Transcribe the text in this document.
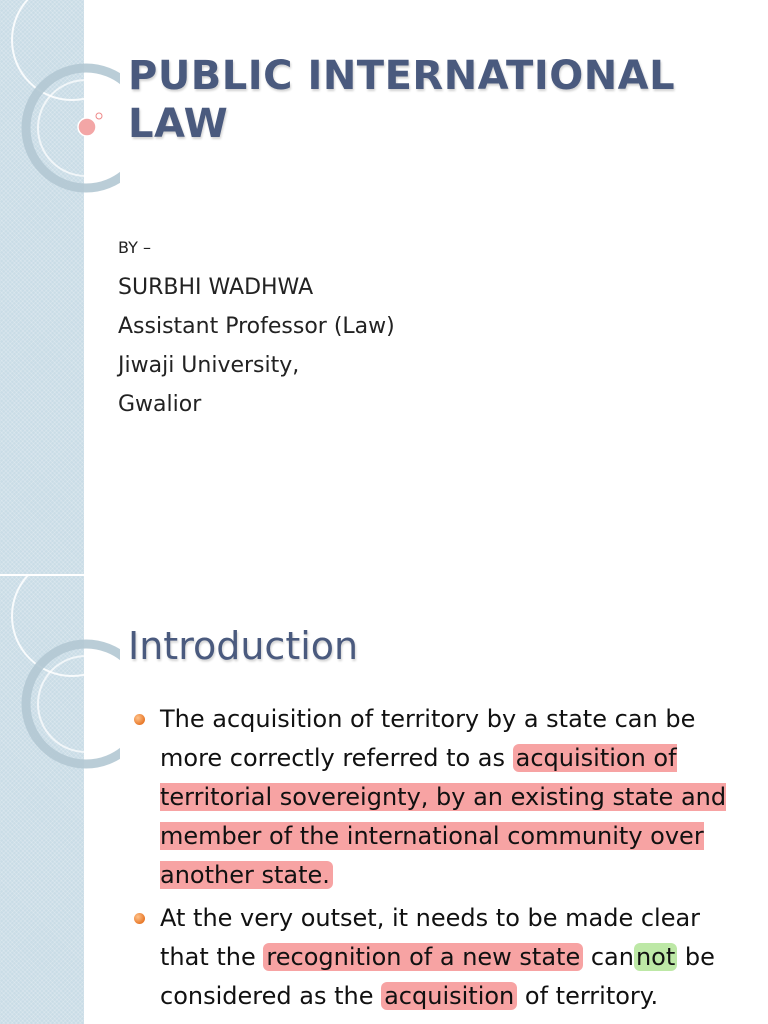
PUBLIC INTERNATIONAL
LAW
BY –
SURBHI WADHWA
Assistant Professor (Law)
Jiwaji University,
Gwalior
Introduction
The acquisition of territory by a state can be more correctly referred to as acquisition of territorial sovereignty, by an existing state and member of the international community over another state.
At the very outset, it needs to be made clear that the recognition of a new state cannot be considered as the acquisition of territory.
